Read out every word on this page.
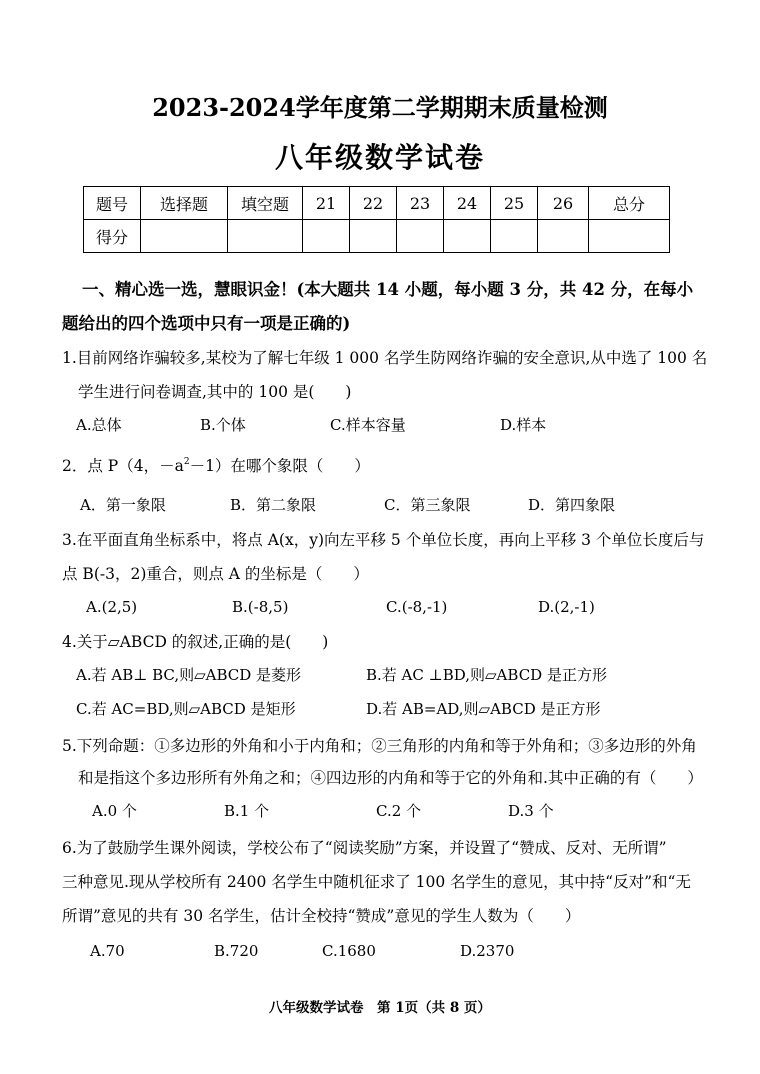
2023-2024学年度第二学期期末质量检测
八年级数学试卷
题号	选择题	填空题	21	22	23	24	25	26	总分
得分									
一、精心选一选，慧眼识金！(本大题共 14 小题，每小题 3 分，共 42 分，在每小
题给出的四个选项中只有一项是正确的)
1.目前网络诈骗较多,某校为了解七年级 1 000 名学生防网络诈骗的安全意识,从中选了 100 名
学生进行问卷调查,其中的 100 是(　　)
A.总体	B.个体	C.样本容量	D.样本
2．点 P（4，$-a^2-1$）在哪个象限（　　）
A．第一象限	B．第二象限	C．第三象限	D．第四象限
3.在平面直角坐标系中，将点 A(x，y)向左平移 5 个单位长度，再向上平移 3 个单位长度后与
点 B(-3，2)重合，则点 A 的坐标是（　　）
A.(2,5)	B.(-8,5)	C.(-8,-1)	D.(2,-1)
4.关于▱ABCD 的叙述,正确的是(　　)
A.若 AB⊥ BC,则▱ABCD 是菱形	B.若 AC ⊥BD,则▱ABCD 是正方形
C.若 AC=BD,则▱ABCD 是矩形	D.若 AB=AD,则▱ABCD 是正方形
5.下列命题：①多边形的外角和小于内角和；②三角形的内角和等于外角和；③多边形的外角
和是指这个多边形所有外角之和；④四边形的内角和等于它的外角和.其中正确的有（　　）
A.0 个	B.1 个	C.2 个	D.3 个
6.为了鼓励学生课外阅读，学校公布了“阅读奖励”方案，并设置了“赞成、反对、无所谓”
三种意见.现从学校所有 2400 名学生中随机征求了 100 名学生的意见，其中持“反对”和“无
所谓”意见的共有 30 名学生，估计全校持“赞成”意见的学生人数为（　　）
A.70	B.720	C.1680	D.2370
八年级数学试卷　第 1页（共 8 页）
